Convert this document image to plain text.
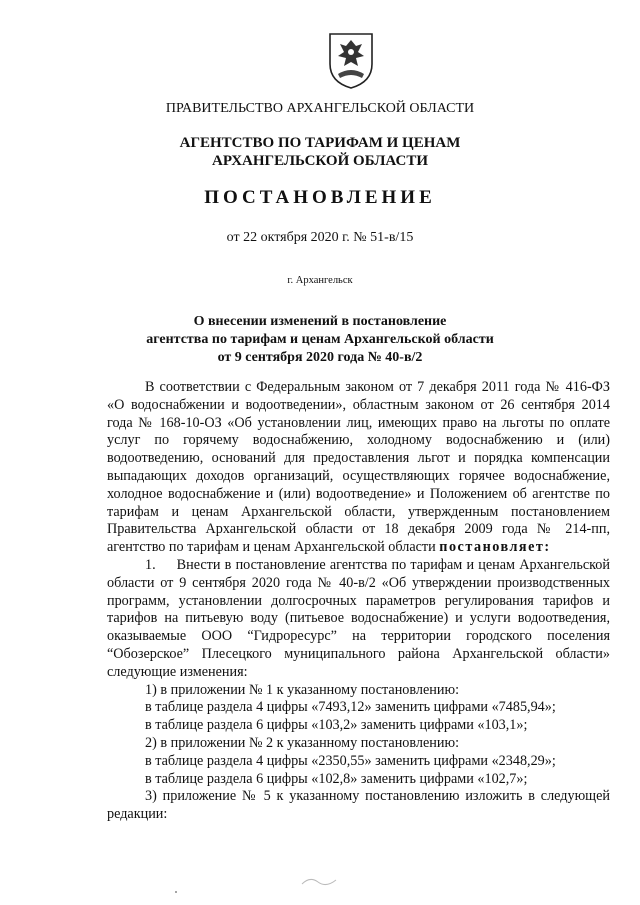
ПРАВИТЕЛЬСТВО АРХАНГЕЛЬСКОЙ ОБЛАСТИ
АГЕНТСТВО ПО ТАРИФАМ И ЦЕНАМ
АРХАНГЕЛЬСКОЙ ОБЛАСТИ
ПОСТАНОВЛЕНИЕ
от 22 октября 2020 г. № 51-в/15
г. Архангельск
О внесении изменений в постановление
агентства по тарифам и ценам Архангельской области
от 9 сентября 2020 года № 40-в/2

В соответствии с Федеральным законом от 7 декабря 2011 года № 416-ФЗ «О водоснабжении и водоотведении», областным законом от 26 сентября 2014 года № 168-10-ОЗ «Об установлении лиц, имеющих право на льготы по оплате услуг по горячему водоснабжению, холодному водоснабжению и (или) водоотведению, оснований для предоставления льгот и порядка компенсации выпадающих доходов организаций, осуществляющих горячее водоснабжение, холодное водоснабжение и (или) водоотведение» и Положением об агентстве по тарифам и ценам Архангельской области, утвержденным постановлением Правительства Архангельской области от 18 декабря 2009 года № 214-пп, агентство по тарифам и ценам Архангельской области постановляет:

1.     Внести в постановление агентства по тарифам и ценам Архангельской области от 9 сентября 2020 года № 40-в/2 «Об утверждении производственных программ, установлении долгосрочных параметров регулирования тарифов и тарифов на питьевую воду (питьевое водоснабжение) и услуги водоотведения, оказываемые ООО “Гидроресурс” на территории городского поселения “Обозерское” Плесецкого муниципального района Архангельской области» следующие изменения:

1) в приложении № 1 к указанному постановлению:

в таблице раздела 4 цифры «7493,12» заменить цифрами «7485,94»;

в таблице раздела 6 цифры «103,2» заменить цифрами «103,1»;

2) в приложении № 2 к указанному постановлению:

в таблице раздела 4 цифры «2350,55» заменить цифрами «2348,29»;

в таблице раздела 6 цифры «102,8» заменить цифрами «102,7»;

3) приложение № 5 к указанному постановлению изложить в следующей редакции:
